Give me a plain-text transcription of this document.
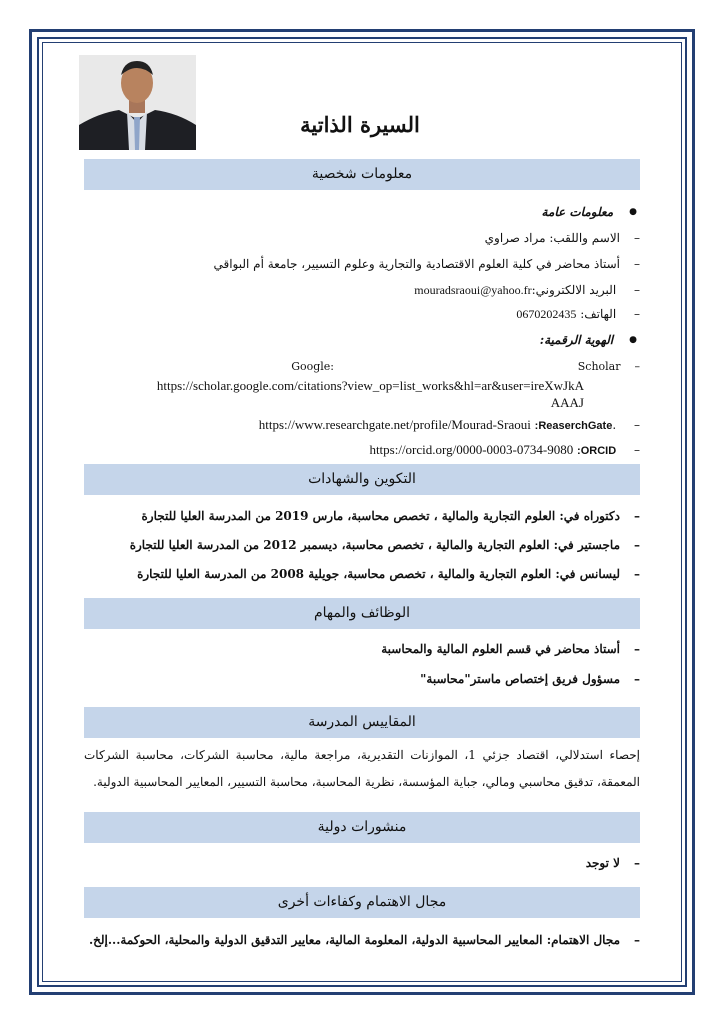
السيرة الذاتية
معلومات شخصية
● معلومات عامة
– الاسم واللقب: مراد صراوي
– أستاذ محاضر في كلية العلوم الاقتصادية والتجارية وعلوم التسيير، جامعة أم البواقي
– البريد الالكتروني:mouradsraoui@yahoo.fr
– الهاتف: 0670202435
● الهوية الرقمية:
– Scholar
Google:
https://scholar.google.com/citations?view_op=list_works&hl=ar&user=ireXwJkA
AAAJ
– https://www.researchgate.net/profile/Mourad-Sraoui :ReaserchGate.
– https://orcid.org/0000-0003-0734-9080 :ORCID
التكوين والشهادات
– دكتوراه في: العلوم التجارية والمالية ، تخصص محاسبة، مارس 2019 من المدرسة العليا للتجارة
– ماجستير في: العلوم التجارية والمالية ، تخصص محاسبة، ديسمبر 2012 من المدرسة العليا للتجارة
– ليسانس في: العلوم التجارية والمالية ، تخصص محاسبة، جويلية 2008 من المدرسة العليا للتجارة
الوظائف والمهام
– أستاذ محاضر في قسم العلوم المالية والمحاسبة
– مسؤول فريق إختصاص ماستر"محاسبة"
المقاييس المدرسة
إحصاء استدلالي، اقتصاد جزئي 1، الموازنات التقديرية، مراجعة مالية، محاسبة الشركات، محاسبة الشركات المعمقة، تدقيق محاسبي ومالي، جباية المؤسسة، نظرية المحاسبة، محاسبة التسيير، المعايير المحاسبية الدولية.
منشورات دولية
– لا توجد
مجال الاهتمام وكفاءات أخرى
– مجال الاهتمام: المعايير المحاسبية الدولية، المعلومة المالية، معايير التدقيق الدولية والمحلية، الحوكمة...إلخ.
